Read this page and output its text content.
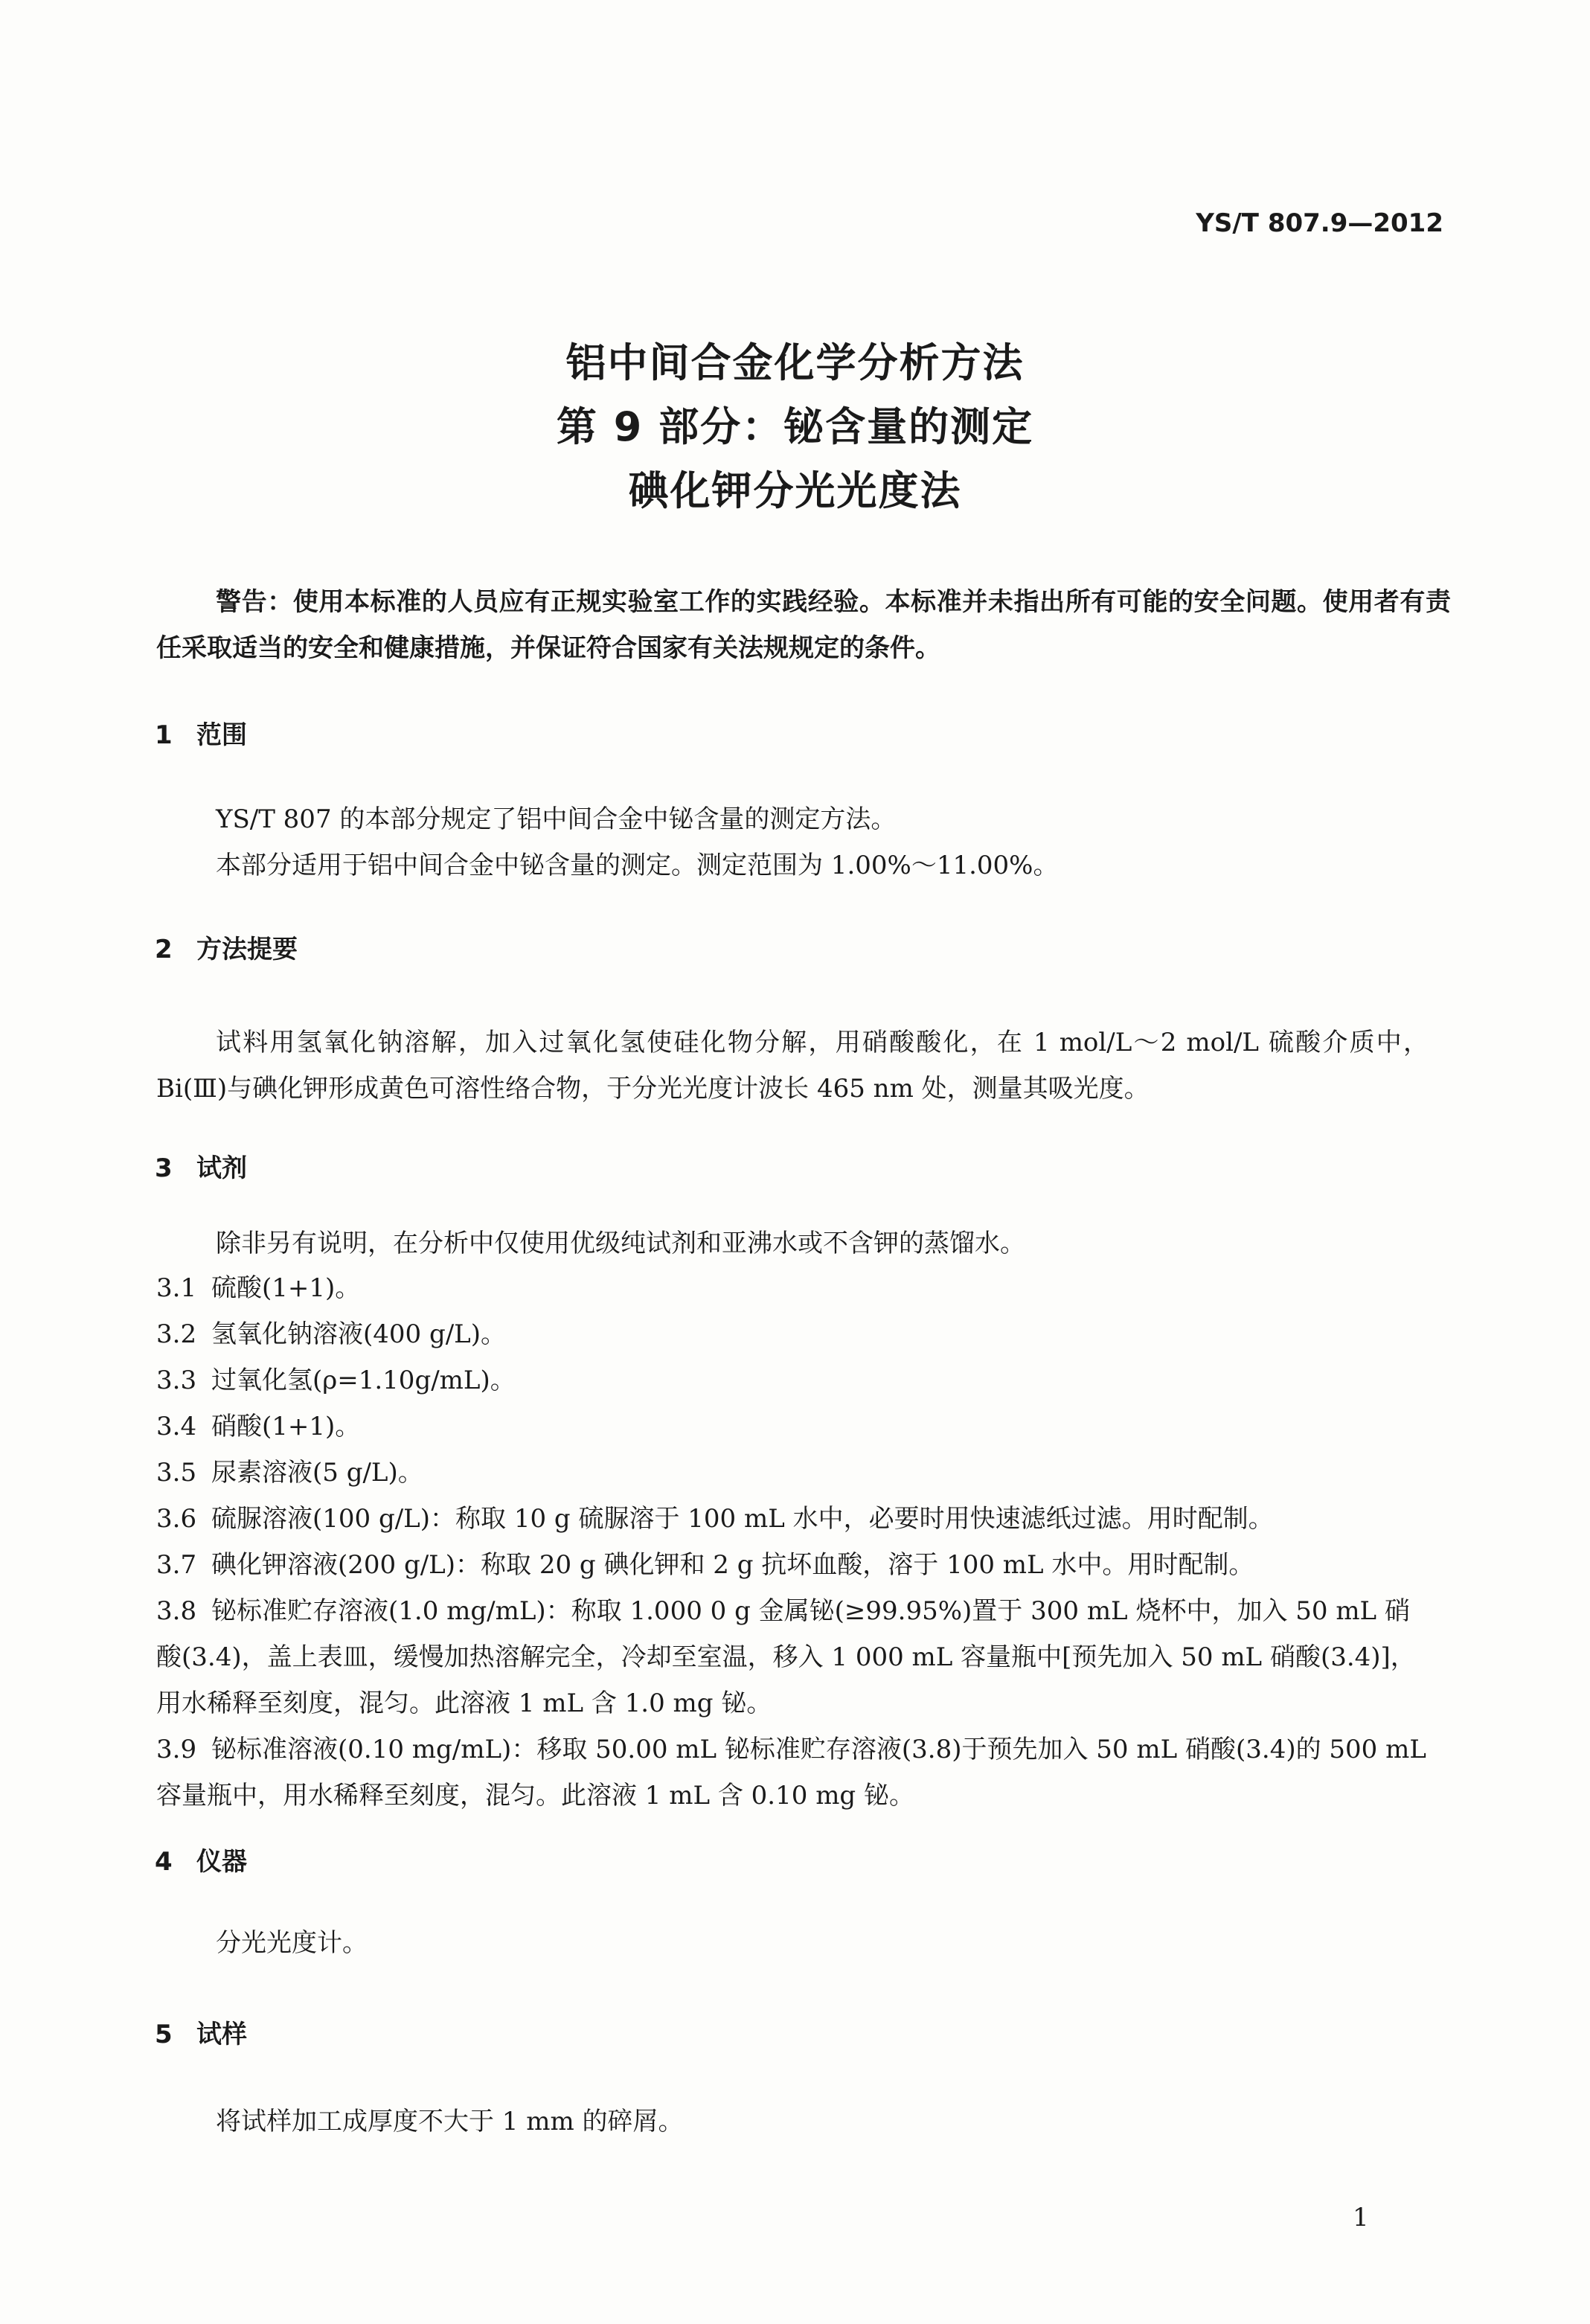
YS/T 807.9—2012
铝中间合金化学分析方法
第 9 部分：铋含量的测定
碘化钾分光光度法
警告：使用本标准的人员应有正规实验室工作的实践经验。本标准并未指出所有可能的安全问题。使用者有责任采取适当的安全和健康措施，并保证符合国家有关法规规定的条件。
1 范围
YS/T 807 的本部分规定了铝中间合金中铋含量的测定方法。
本部分适用于铝中间合金中铋含量的测定。测定范围为 1.00%～11.00%。
2 方法提要
试料用氢氧化钠溶解，加入过氧化氢使硅化物分解，用硝酸酸化，在 1 mol/L～2 mol/L 硫酸介质中，Bi(Ⅲ)与碘化钾形成黄色可溶性络合物，于分光光度计波长 465 nm 处，测量其吸光度。
3 试剂
除非另有说明，在分析中仅使用优级纯试剂和亚沸水或不含钾的蒸馏水。
3.1 硫酸(1+1)。
3.2 氢氧化钠溶液(400 g/L)。
3.3 过氧化氢(ρ=1.10g/mL)。
3.4 硝酸(1+1)。
3.5 尿素溶液(5 g/L)。
3.6 硫脲溶液(100 g/L)：称取 10 g 硫脲溶于 100 mL 水中，必要时用快速滤纸过滤。用时配制。
3.7 碘化钾溶液(200 g/L)：称取 20 g 碘化钾和 2 g 抗坏血酸，溶于 100 mL 水中。用时配制。
3.8 铋标准贮存溶液(1.0 mg/mL)：称取 1.000 0 g 金属铋(≥99.95%)置于 300 mL 烧杯中，加入 50 mL 硝酸(3.4)，盖上表皿，缓慢加热溶解完全，冷却至室温，移入 1 000 mL 容量瓶中[预先加入 50 mL 硝酸(3.4)]，用水稀释至刻度，混匀。此溶液 1 mL 含 1.0 mg 铋。
3.9 铋标准溶液(0.10 mg/mL)：移取 50.00 mL 铋标准贮存溶液(3.8)于预先加入 50 mL 硝酸(3.4)的 500 mL 容量瓶中，用水稀释至刻度，混匀。此溶液 1 mL 含 0.10 mg 铋。
4 仪器
分光光度计。
5 试样
将试样加工成厚度不大于 1 mm 的碎屑。
1
